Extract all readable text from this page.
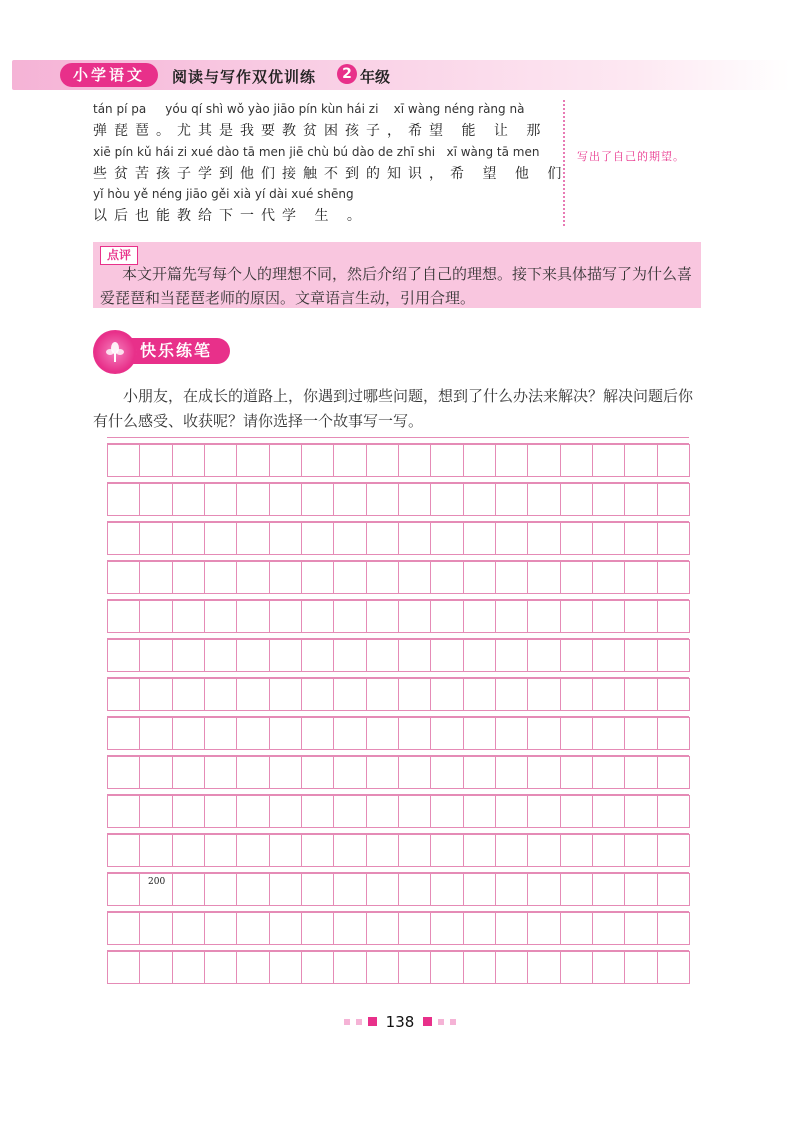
小学语文	阅读与写作双优训练	2 年级
tán pí pa     yóu qí shì wǒ yào jiāo pín kùn hái zi    xī wàng néng ràng nà
弹琵琶。尤其是我要教贫困孩子，希望 能 让 那
xiē pín kǔ hái zi xué dào tā men jiē chù bú dào de zhī shi   xī wàng tā men
些贫苦孩子学到他们接触不到的知识，希 望 他 们
yǐ hòu yě néng jiāo gěi xià yí dài xué shēng
以后也能教给下一代学 生 。
写出了自己的期望。
点评
本文开篇先写每个人的理想不同，然后介绍了自己的理想。接下来具体描写了为什么喜爱琵琶和当琵琶老师的原因。文章语言生动，引用合理。
快乐练笔
小朋友，在成长的道路上，你遇到过哪些问题，想到了什么办法来解决？解决问题后你有什么感受、收获呢？请你选择一个故事写一写。
200
138
